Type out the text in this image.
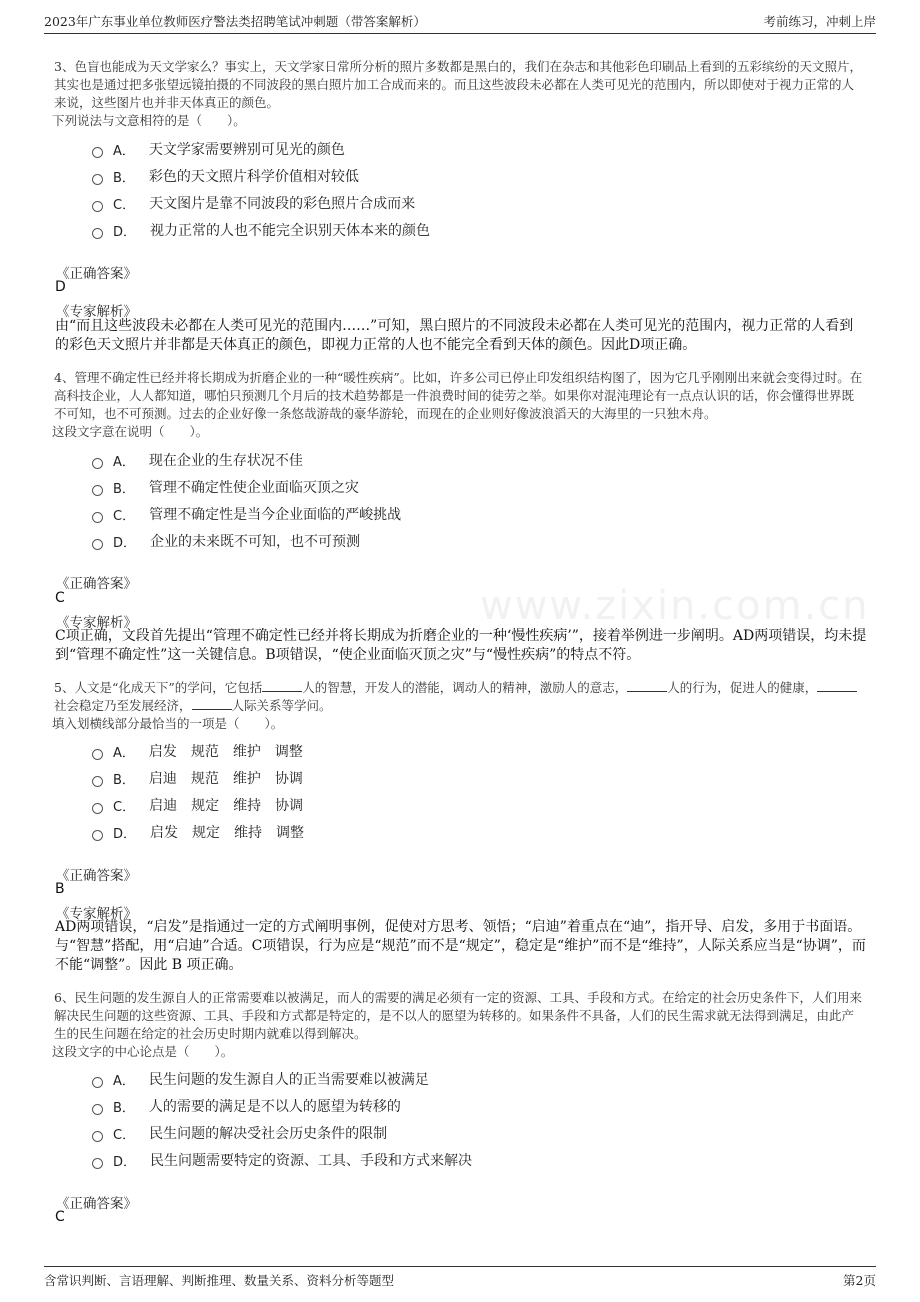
2023年广东事业单位教师医疗警法类招聘笔试冲刺题（带答案解析）	考前练习，冲刺上岸
www.zixin.com.cn

3、色盲也能成为天文学家么？事实上，天文学家日常所分析的照片多数都是黑白的，我们在杂志和其他彩色印刷品上看到的五彩缤纷的天文照片，其实也是通过把多张望远镜拍摄的不同波段的黑白照片加工合成而来的。而且这些波段未必都在人类可见光的范围内，所以即使对于视力正常的人来说，这些图片也并非天体真正的颜色。

下列说法与文意相符的是（　　）。

A． 天文学家需要辨别可见光的颜色
B． 彩色的天文照片科学价值相对较低
C． 天文图片是靠不同波段的彩色照片合成而来
D． 视力正常的人也不能完全识别天体本来的颜色
《正确答案》
D
《专家解析》
由“而且这些波段未必都在人类可见光的范围内……”可知，黑白照片的不同波段未必都在人类可见光的范围内，视力正常的人看到的彩色天文照片并非都是天体真正的颜色，即视力正常的人也不能完全看到天体的颜色。因此D项正确。

4、管理不确定性已经并将长期成为折磨企业的一种“暖性疾病”。比如，许多公司已停止印发组织结构图了，因为它几乎刚刚出来就会变得过时。在高科技企业，人人都知道，哪怕只预测几个月后的技术趋势都是一件浪费时间的徒劳之举。如果你对混沌理论有一点点认识的话，你会懂得世界既不可知，也不可预测。过去的企业好像一条悠哉游哉的豪华游轮，而现在的企业则好像波浪滔天的大海里的一只独木舟。

这段文字意在说明（　　）。

A． 现在企业的生存状况不佳
B． 管理不确定性使企业面临灭顶之灾
C． 管理不确定性是当今企业面临的严峻挑战
D． 企业的未来既不可知，也不可预测
《正确答案》
C
《专家解析》
C项正确，文段首先提出“管理不确定性已经并将长期成为折磨企业的一种‘慢性疾病’”，接着举例进一步阐明。AD两项错误，均未提到“管理不确定性”这一关键信息。B项错误，“使企业面临灭顶之灾”与“慢性疾病”的特点不符。

5、人文是“化成天下”的学问，它包括	人的智慧，开发人的潜能，调动人的精神，激励人的意志，	人的行为，促进人的健康，社会稳定乃至发展经济，	人际关系等学问。

填入划横线部分最恰当的一项是（　　）。

A． 启发　规范　维护　调整
B． 启迪　规范　维护　协调
C． 启迪　规定　维持　协调
D． 启发　规定　维持　调整
《正确答案》
B
《专家解析》
AD两项错误，“启发”是指通过一定的方式阐明事例，促使对方思考、领悟；“启迪”着重点在“迪”，指开导、启发，多用于书面语。与“智慧”搭配，用“启迪”合适。C项错误，行为应是“规范”而不是“规定”，稳定是“维护”而不是“维持”，人际关系应当是“协调”，而不能“调整”。因此 B 项正确。

6、民生问题的发生源自人的正常需要难以被满足，而人的需要的满足必须有一定的资源、工具、手段和方式。在给定的社会历史条件下，人们用来解决民生问题的这些资源、工具、手段和方式都是特定的，是不以人的愿望为转移的。如果条件不具备，人们的民生需求就无法得到满足，由此产生的民生问题在给定的社会历史时期内就难以得到解决。

这段文字的中心论点是（　　）。

A． 民生问题的发生源自人的正当需要难以被满足
B． 人的需要的满足是不以人的愿望为转移的
C． 民生问题的解决受社会历史条件的限制
D． 民生问题需要特定的资源、工具、手段和方式来解决
《正确答案》
C
含常识判断、言语理解、判断推理、数量关系、资料分析等题型	第2页
